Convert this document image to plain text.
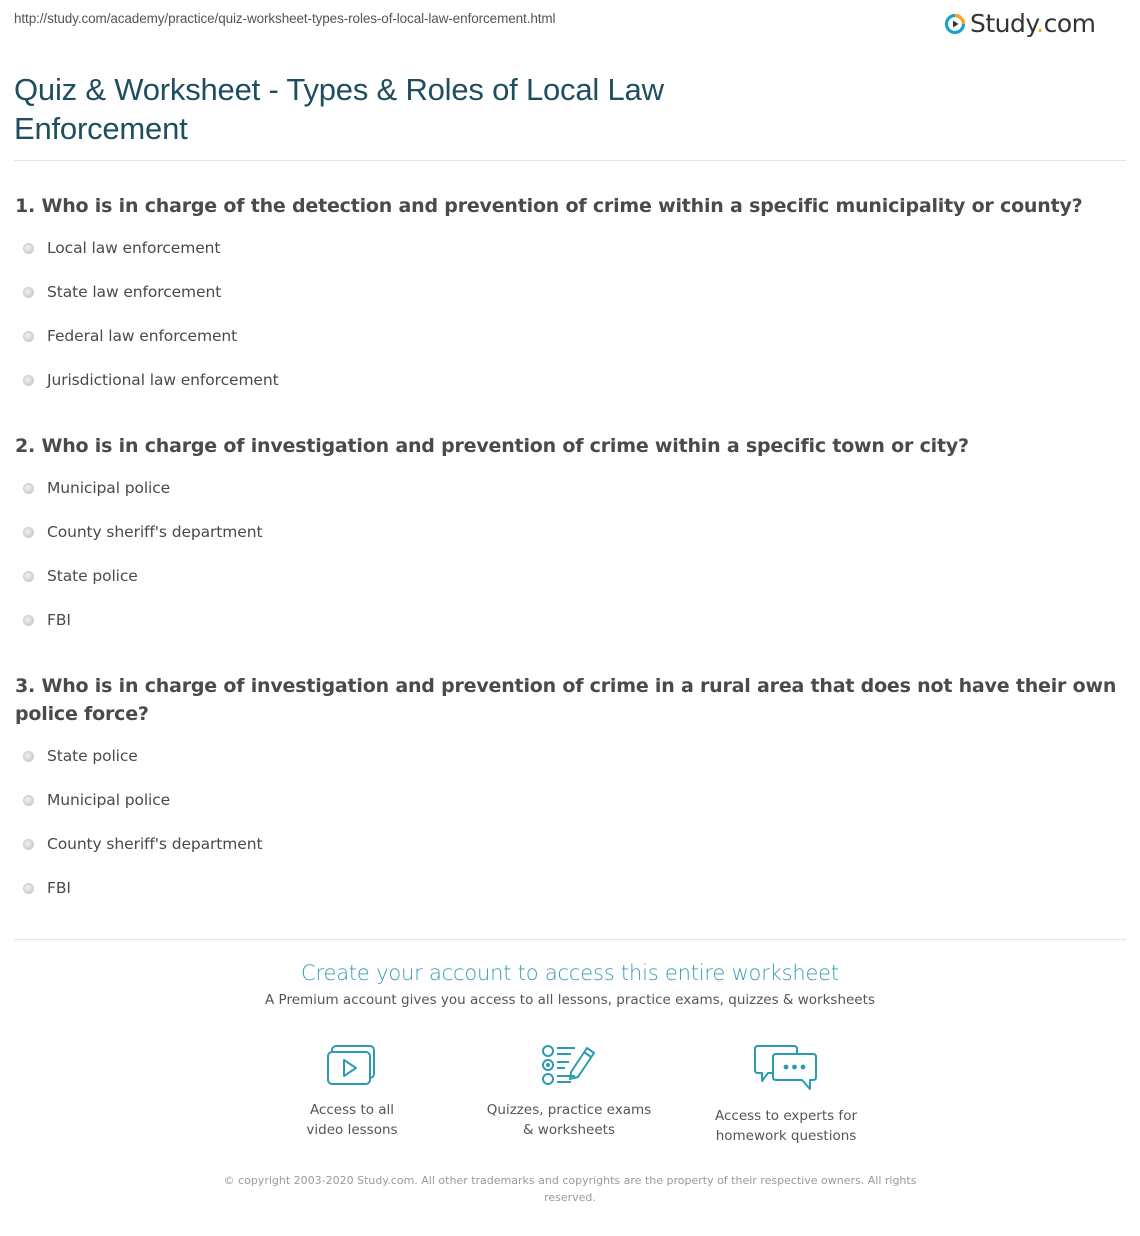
http://study.com/academy/practice/quiz-worksheet-types-roles-of-local-law-enforcement.html	Study.com
Quiz & Worksheet - Types & Roles of Local Law Enforcement
1. Who is in charge of the detection and prevention of crime within a specific municipality or county?
Local law enforcement
State law enforcement
Federal law enforcement
Jurisdictional law enforcement
2. Who is in charge of investigation and prevention of crime within a specific town or city?
Municipal police
County sheriff's department
State police
FBI
3. Who is in charge of investigation and prevention of crime in a rural area that does not have their own police force?
State police
Municipal police
County sheriff's department
FBI
Create your account to access this entire worksheet
A Premium account gives you access to all lessons, practice exams, quizzes & worksheets
Access to all
video lessons
Quizzes, practice exams
& worksheets
Access to experts for
homework questions
© copyright 2003-2020 Study.com. All other trademarks and copyrights are the property of their respective owners. All rights reserved.
